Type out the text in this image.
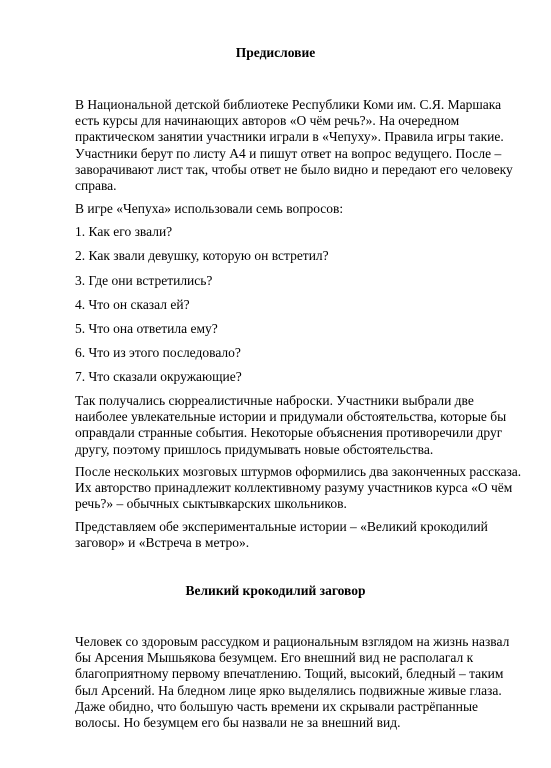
Предисловие
В Национальной детской библиотеке Республики Коми им. С.Я. Маршака
есть курсы для начинающих авторов «О чём речь?». На очередном
практическом занятии участники играли в «Чепуху». Правила игры такие.
Участники берут по листу А4 и пишут ответ на вопрос ведущего. После –
заворачивают лист так, чтобы ответ не было видно и передают его человеку
справа.
В игре «Чепуха» использовали семь вопросов:
1. Как его звали?
2. Как звали девушку, которую он встретил?
3. Где они встретились?
4. Что он сказал ей?
5. Что она ответила ему?
6. Что из этого последовало?
7. Что сказали окружающие?
Так получались сюрреалистичные наброски. Участники выбрали две
наиболее увлекательные истории и придумали обстоятельства, которые бы
оправдали странные события. Некоторые объяснения противоречили друг
другу, поэтому пришлось придумывать новые обстоятельства.
После нескольких мозговых штурмов оформились два законченных рассказа.
Их авторство принадлежит коллективному разуму участников курса «О чём
речь?» – обычных сыктывкарских школьников.
Представляем обе экспериментальные истории – «Великий крокодилий
заговор» и «Встреча в метро».
Великий крокодилий заговор
Человек со здоровым рассудком и рациональным взглядом на жизнь назвал
бы Арсения Мышьякова безумцем. Его внешний вид не располагал к
благоприятному первому впечатлению. Тощий, высокий, бледный – таким
был Арсений. На бледном лице ярко выделялись подвижные живые глаза.
Даже обидно, что большую часть времени их скрывали растрёпанные
волосы. Но безумцем его бы назвали не за внешний вид.
